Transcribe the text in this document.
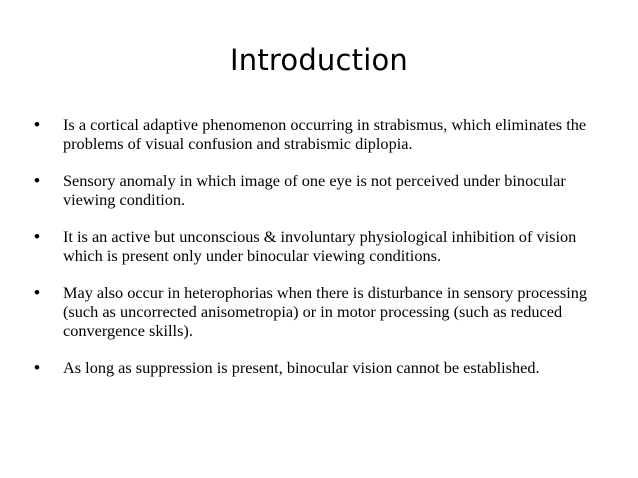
Introduction
• Is a cortical adaptive phenomenon occurring in strabismus, which eliminates the problems of visual confusion and strabismic diplopia.
• Sensory anomaly in which image of one eye is not perceived under binocular viewing condition.
• It is an active but unconscious & involuntary physiological inhibition of vision which is present only under binocular viewing conditions.
• May also occur in heterophorias when there is disturbance in sensory processing (such as uncorrected anisometropia) or in motor processing (such as reduced convergence skills).
• As long as suppression is present, binocular vision cannot be established.
